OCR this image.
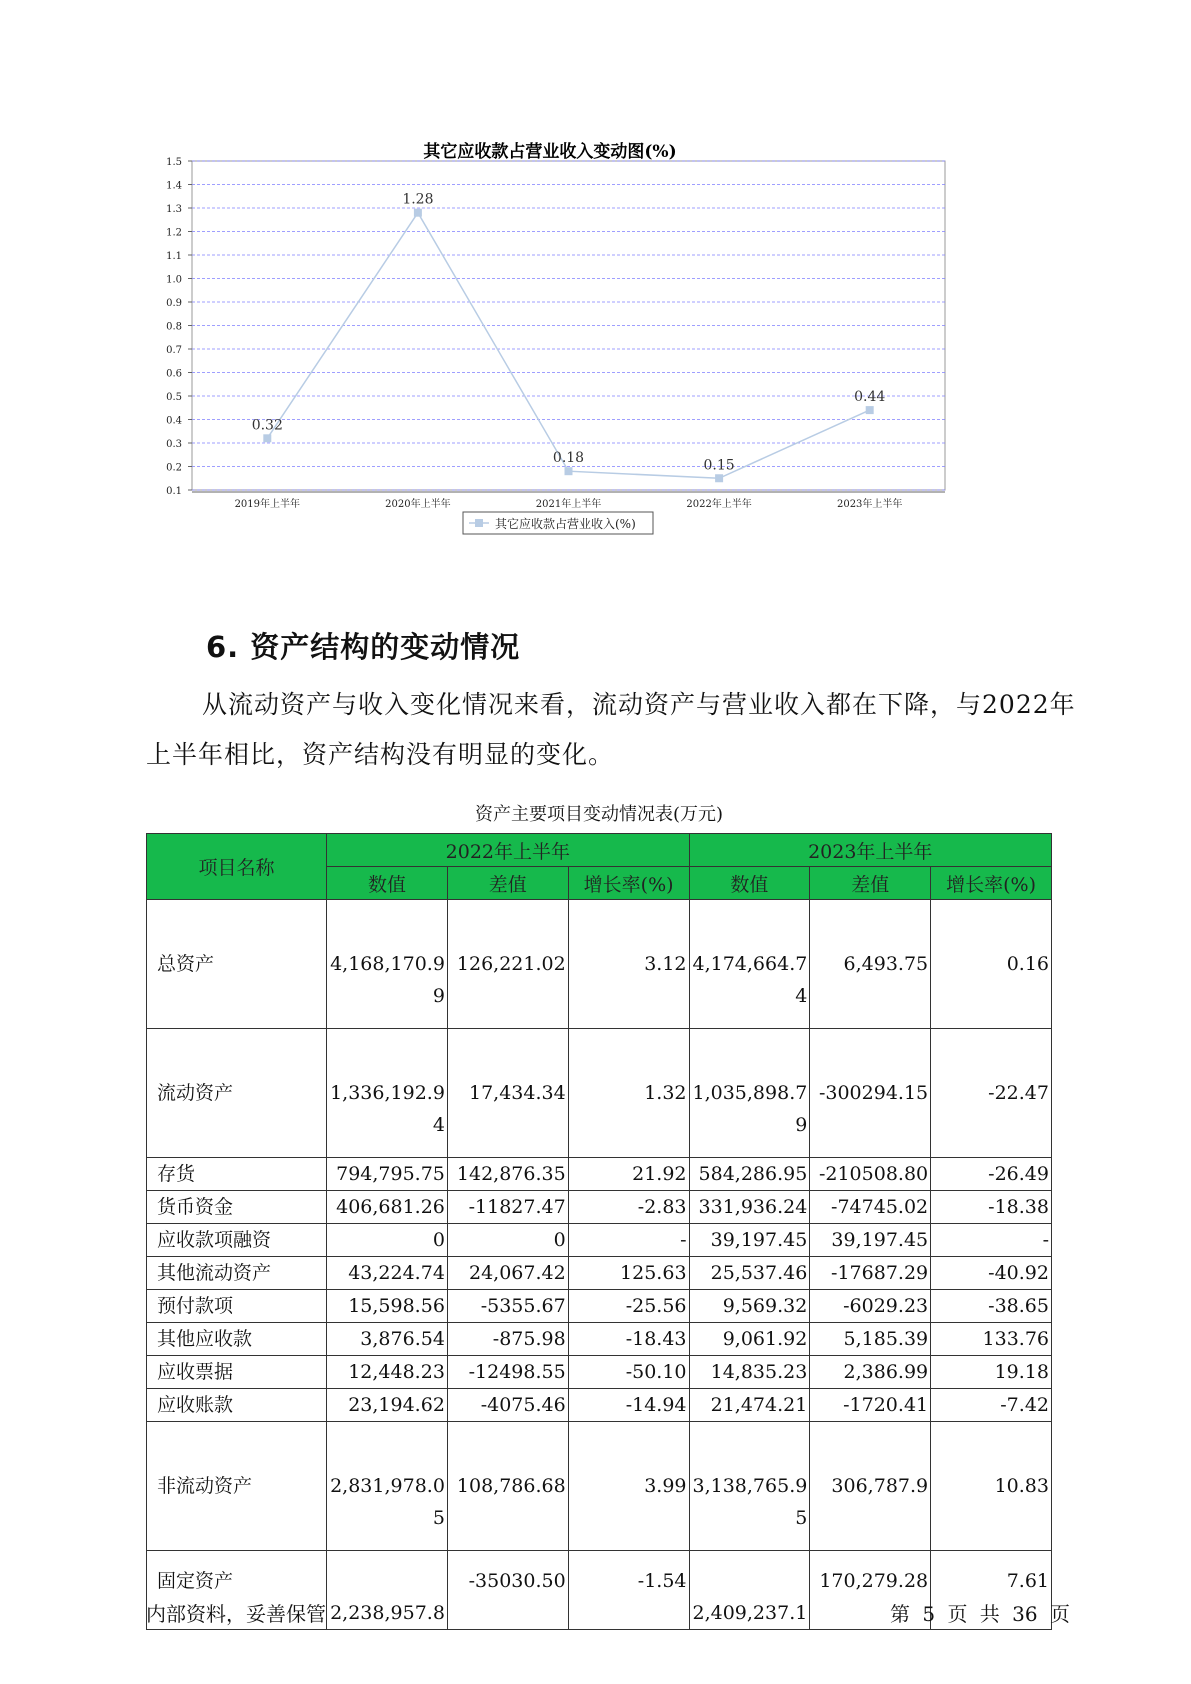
其它应收款占营业收入变动图(%)
0.1
0.2
0.3
0.4
0.5
0.6
0.7
0.8
0.9
1.0
1.1
1.2
1.3
1.4
1.5
2019年上半年	2020年上半年	2021年上半年	2022年上半年	2023年上半年
0.32
1.28
0.18	0.15
0.44
其它应收款占营业收入(%)
6. 资产结构的变动情况

从流动资产与收入变化情况来看，流动资产与营业收入都在下降，与2022年上半年相比，资产结构没有明显的变化。

资产主要项目变动情况表(万元)
项目名称	2022年上半年			2023年上半年		
	数值	差值	增长率(%)	数值	差值	增长率(%)
总资产	4,168,170.99	126,221.02	3.12	4,174,664.74	6,493.75	0.16
流动资产	1,336,192.94	17,434.34	1.32	1,035,898.79	-300294.15	-22.47
存货	794,795.75	142,876.35	21.92	584,286.95	-210508.80	-26.49
货币资金	406,681.26	-11827.47	-2.83	331,936.24	-74745.02	-18.38
应收款项融资	0	0	-	39,197.45	39,197.45	-
其他流动资产	43,224.74	24,067.42	125.63	25,537.46	-17687.29	-40.92
预付款项	15,598.56	-5355.67	-25.56	9,569.32	-6029.23	-38.65
其他应收款	3,876.54	-875.98	-18.43	9,061.92	5,185.39	133.76
应收票据	12,448.23	-12498.55	-50.10	14,835.23	2,386.99	19.18
应收账款	23,194.62	-4075.46	-14.94	21,474.21	-1720.41	-7.42
非流动资产	2,831,978.05	108,786.68	3.99	3,138,765.95	306,787.9	10.83
固定资产	2,238,957.8	-35030.50	-1.54	2,409,237.1	170,279.28	7.61
内部资料，妥善保管	第 5 页 共 36 页
